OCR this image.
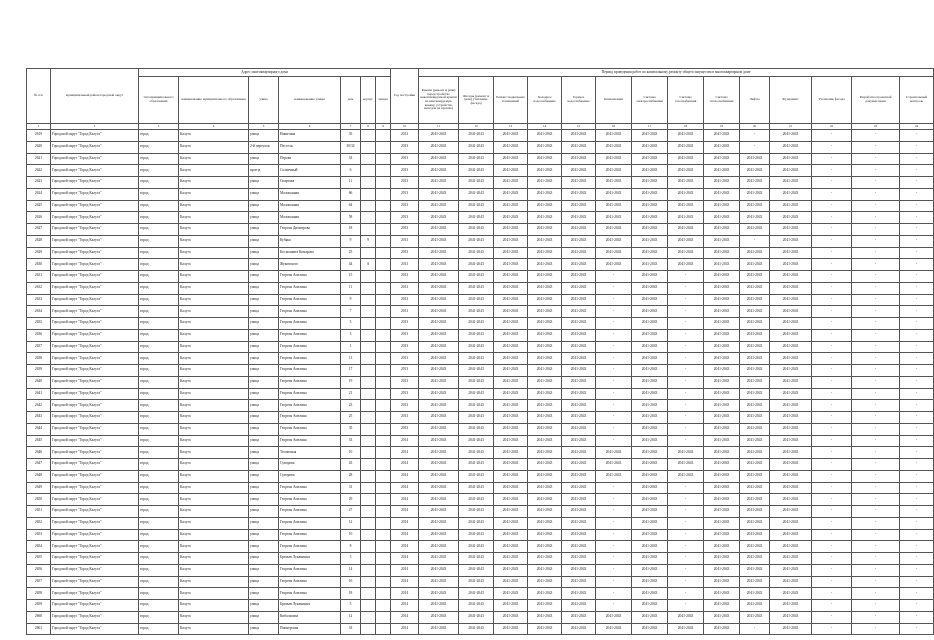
№ п/п	муниципальный район/городской округ	Адрес многоквартирного дома							Год постройки	Период проведения работ по капитальному ремонту общего имущества в многоквартирном доме													
		тип муниципального образования	наименование муниципального образования	улица	наименование улицы	дом	корпус	литера		Крыша (ремонт и (или) переустройство невентилируемой крыши на вентилируемую крышу, устройство выходов на кровлю)	Фасады (ремонт и (или) утепление фасада)	Ремонт подвальных помещений	Холодное водоснабжение	Горячее водоснабжение	Канализация	Система электроснабжения	Система газоснабжения	Система теплоснабжения	Лифты	Фундамент	Утепление фасада	Разработка проектной документации	Строительный контроль
1	2	3	4	5	6	7	8	9	10	11	12	13	14	15	16	17	18	19	20	21	22	23	24
2619	Городской округ "Город Калуга"	город	Калуга	улица	Никитина	35			2012	2041-2043	2041-2043	2041-2043	2041-2043	2041-2043	2041-2043	2041-2043	2041-2043	2041-2043	-	2041-2043	-	-	-
2620	Городской округ "Город Калуга"	город	Калуга	2-й переулок	Пестеля	30/32			2013	2041-2043	2041-2043	2041-2043	2041-2043	2041-2043	2041-2043	2041-2043	2041-2043	2041-2043	-	2041-2043	-	-	-
2621	Городской округ "Город Калуга"	город	Калуга	улица	Перова	33			2013	2041-2043	2041-2043	2041-2043	2041-2043	2041-2043	2041-2043	2041-2043	2041-2043	2041-2043	2041-2043	2041-2043	-	-	-
2622	Городской округ "Город Калуга"	город	Калуга	проезд	Солнечный	6			2013	2041-2043	2041-2043	2041-2043	2041-2043	2041-2043	2041-2043	2041-2043	2041-2043	2041-2043	2041-2043	2041-2043	-	-	-
2623	Городской округ "Город Калуга"	город	Калуга	улица	Спартака	11			2013	2041-2043	2041-2043	2041-2043	2041-2043	2041-2043	2041-2043	2041-2043	2041-2043	2041-2043	2041-2043	2041-2043	-	-	-
2624	Городской округ "Город Калуга"	город	Калуга	улица	Малоконная	66			2013	2041-2043	2041-2043	2041-2043	2041-2043	2041-2043	2041-2043	2041-2043	2041-2043	2041-2043	2041-2043	2041-2043	-	-	-
2625	Городской округ "Город Калуга"	город	Калуга	улица	Малоконная	64			2013	2041-2043	2041-2043	2041-2043	2041-2043	2041-2043	2041-2043	2041-2043	2041-2043	2041-2043	2041-2043	2041-2043	-	-	-
2626	Городской округ "Город Калуга"	город	Калуга	улица	Малоконная	58			2013	2041-2043	2041-2043	2041-2043	2041-2043	2041-2043	2041-2043	2041-2043	2041-2043	2041-2043	2041-2043	2041-2043	-	-	-
2627	Городской округ "Город Калуга"	город	Калуга	улица	Георгия Димитрова	18			2013	2041-2043	2041-2043	2041-2043	2041-2043	2041-2043	2041-2043	2041-2043	2041-2043	2041-2043	2041-2043	2041-2043	-	-	-
2628	Городской округ "Город Калуга"	город	Калуга	улица	Кубяка	9	9		2013	2041-2043	2041-2043	2041-2043	2041-2043	2041-2043	2041-2043	2041-2043	2041-2043	2041-2043	-	2041-2043	-	-	-
2629	Городской округ "Город Калуга"	город	Калуга	улица	Космонавта Комарова	25			2013	2041-2043	2041-2043	2041-2043	2041-2043	2041-2043	2041-2043	2041-2043	2041-2043	2041-2043	2041-2043	2041-2043	-	-	-
2630	Городской округ "Город Калуга"	город	Калуга	улица	Жуковского	44	А		2013	2041-2043	2041-2043	2041-2043	2041-2043	2041-2043	2041-2043	2041-2043	2041-2043	2041-2043	2041-2043	2041-2043	-	-	-
2631	Городской округ "Город Калуга"	город	Калуга	улица	Георгия Амелина	15			2013	2041-2043	2041-2043	2041-2043	2041-2043	2041-2043	-	2041-2043	-	2041-2043	2041-2043	2041-2043	-	-	-
2632	Городской округ "Город Калуга"	город	Калуга	улица	Георгия Амелина	11			2013	2041-2043	2041-2043	2041-2043	2041-2043	2041-2043	-	2041-2043	-	2041-2043	2041-2043	2041-2043	-	-	-
2633	Городской округ "Город Калуга"	город	Калуга	улица	Георгия Амелина	9			2013	2041-2043	2041-2043	2041-2043	2041-2043	2041-2043	-	2041-2043	-	2041-2043	2041-2043	2041-2043	-	-	-
2634	Городской округ "Город Калуга"	город	Калуга	улица	Георгия Амелина	7			2013	2041-2043	2041-2043	2041-2043	2041-2043	2041-2043	-	2041-2043	-	2041-2043	2041-2043	2041-2043	-	-	-
2635	Городской округ "Город Калуга"	город	Калуга	улица	Георгия Амелина	5			2013	2041-2043	2041-2043	2041-2043	2041-2043	2041-2043	-	2041-2043	-	2041-2043	2041-2043	2041-2043	-	-	-
2636	Городской округ "Город Калуга"	город	Калуга	улица	Георгия Амелина	3			2013	2041-2043	2041-2043	2041-2043	2041-2043	2041-2043	-	2041-2043	-	2041-2043	2041-2043	2041-2043	-	-	-
2637	Городской округ "Город Калуга"	город	Калуга	улица	Георгия Амелина	1			2013	2041-2043	2041-2043	2041-2043	2041-2043	2041-2043	-	2041-2043	-	2041-2043	2041-2043	2041-2043	-	-	-
2638	Городской округ "Город Калуга"	город	Калуга	улица	Георгия Амелина	13			2013	2041-2043	2041-2043	2041-2043	2041-2043	2041-2043	-	2041-2043	-	2041-2043	2041-2043	2041-2043	-	-	-
2639	Городской округ "Город Калуга"	город	Калуга	улица	Георгия Амелина	17			2013	2041-2043	2041-2043	2041-2043	2041-2043	2041-2043	-	2041-2043	-	2041-2043	2041-2043	2041-2043	-	-	-
2640	Городской округ "Город Калуга"	город	Калуга	улица	Георгия Амелина	19			2013	2041-2043	2041-2043	2041-2043	2041-2043	2041-2043	-	2041-2043	-	2041-2043	2041-2043	2041-2043	-	-	-
2641	Городской округ "Город Калуга"	город	Калуга	улица	Георгия Амелина	21			2013	2041-2043	2041-2043	2041-2043	2041-2043	2041-2043	-	2041-2043	-	2041-2043	2041-2043	2041-2043	-	-	-
2642	Городской округ "Город Калуга"	город	Калуга	улица	Георгия Амелина	23			2013	2041-2043	2041-2043	2041-2043	2041-2043	2041-2043	-	2041-2043	-	2041-2043	2041-2043	2041-2043	-	-	-
2643	Городской округ "Город Калуга"	город	Калуга	улица	Георгия Амелина	25			2013	2041-2043	2041-2043	2041-2043	2041-2043	2041-2043	-	2041-2043	-	2041-2043	2041-2043	2041-2043	-	-	-
2644	Городской округ "Город Калуга"	город	Калуга	улица	Георгия Амелина	35			2013	2041-2043	2041-2043	2041-2043	2041-2043	2041-2043	-	2041-2043	-	2041-2043	2041-2043	2041-2043	-	-	-
2645	Городской округ "Город Калуга"	город	Калуга	улица	Георгия Амелина	33			2014	2041-2043	2041-2043	2041-2043	2041-2043	2041-2043	-	2041-2043	-	2041-2043	2041-2043	2041-2043	-	-	-
2646	Городской округ "Город Калуга"	город	Калуга	улица	Тепличная	10			2014	2041-2043	2041-2043	2041-2043	2041-2043	2041-2043	2041-2043	2041-2043	2041-2043	2041-2043	2041-2043	2041-2043	-	-	-
2647	Городской округ "Город Калуга"	город	Калуга	улица	Суворова	43			2014	2041-2043	2041-2043	2041-2043	2041-2043	2041-2043	2041-2043	2041-2043	2041-2043	2041-2043	2041-2043	2041-2043	-	-	-
2648	Городской округ "Город Калуга"	город	Калуга	улица	Суворова	28			2014	2041-2043	2041-2043	2041-2043	2041-2043	2041-2043	2041-2043	2041-2043	2041-2043	2041-2043	2041-2043	2041-2043	-	-	-
2649	Городской округ "Город Калуга"	город	Калуга	улица	Георгия Амелина	31			2014	2041-2043	2041-2043	2041-2043	2041-2043	2041-2043	-	2041-2043	-	2041-2043	2041-2043	2041-2043	-	-	-
2650	Городской округ "Город Калуга"	город	Калуга	улица	Георгия Амелина	29			2014	2041-2043	2041-2043	2041-2043	2041-2043	2041-2043	-	2041-2043	-	2041-2043	2041-2043	2041-2043	-	-	-
2651	Городской округ "Город Калуга"	город	Калуга	улица	Георгия Амелина	27			2014	2041-2043	2041-2043	2041-2043	2041-2043	2041-2043	-	2041-2043	-	2041-2043	2041-2043	2041-2043	-	-	-
2652	Городской округ "Город Калуга"	город	Калуга	улица	Георгия Амелина	12			2014	2041-2043	2041-2043	2041-2043	2041-2043	2041-2043	-	2041-2043	-	2041-2043	2041-2043	2041-2043	-	-	-
2653	Городской округ "Город Калуга"	город	Калуга	улица	Георгия Амелина	10			2014	2041-2043	2041-2043	2041-2043	2041-2043	2041-2043	-	2041-2043	-	2041-2043	2041-2043	2041-2043	-	-	-
2654	Городской округ "Город Калуга"	город	Калуга	улица	Георгия Амелина	8			2014	2041-2043	2041-2043	2041-2043	2041-2043	2041-2043	-	2041-2043	-	2041-2043	2041-2043	2041-2043	-	-	-
2655	Городской округ "Город Калуга"	город	Калуга	улица	Братьев Луканиных	3			2014	2041-2043	2041-2043	2041-2043	2041-2043	2041-2043	-	2041-2043	-	2041-2043	2041-2043	2041-2043	-	-	-
2656	Городской округ "Город Калуга"	город	Калуга	улица	Георгия Амелина	14			2014	2041-2043	2041-2043	2041-2043	2041-2043	2041-2043	-	2041-2043	-	2041-2043	2041-2043	2041-2043	-	-	-
2657	Городской округ "Город Калуга"	город	Калуга	улица	Георгия Амелина	16			2014	2041-2043	2041-2043	2041-2043	2041-2043	2041-2043	-	2041-2043	-	2041-2043	2041-2043	2041-2043	-	-	-
2658	Городской округ "Город Калуга"	город	Калуга	улица	Георгия Амелина	18			2014	2041-2043	2041-2043	2041-2043	2041-2043	2041-2043	-	2041-2043	-	2041-2043	2041-2043	2041-2043	-	-	-
2659	Городской округ "Город Калуга"	город	Калуга	улица	Братьев Луканиных	5			2014	2041-2043	2041-2043	2041-2043	2041-2043	2041-2043	-	2041-2043	-	2041-2043	2041-2043	2041-2043	-	-	-
2660	Городской округ "Город Калуга"	город	Калуга	улица	Кибальчича	12			2014	2041-2043	2041-2043	2041-2043	2041-2043	2041-2043	2041-2043	2041-2043	2041-2043	2041-2043	2041-2043	2041-2043	-	-	-
2661	Городской округ "Город Калуга"	город	Калуга	улица	Пионерская	33			2014	2041-2043	2041-2043	2041-2043	2041-2043	2041-2043	2041-2043	2041-2043	2041-2043	2041-2043	-	2041-2043	-	-	-
